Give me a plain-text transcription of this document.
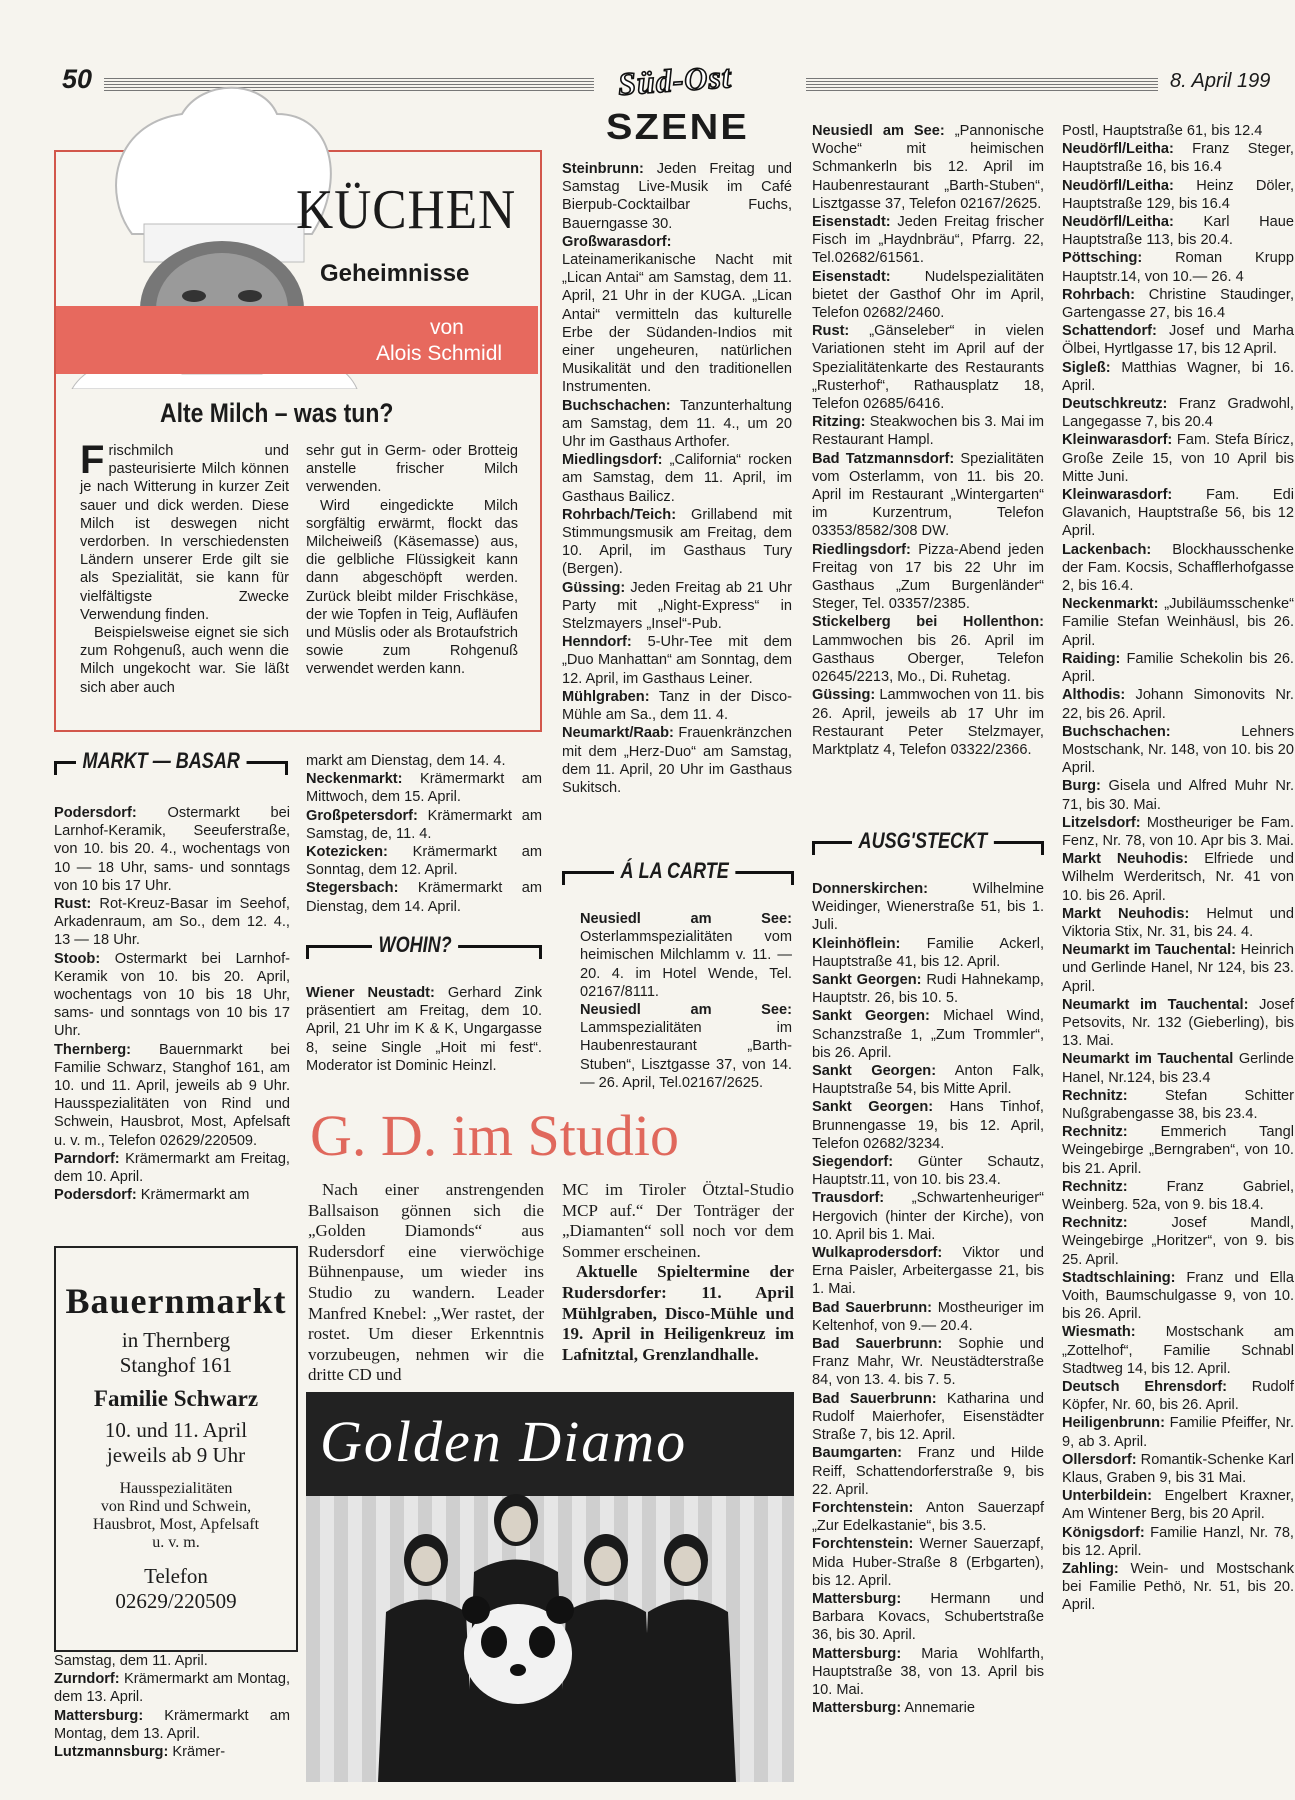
50	8. April 199
Süd-Ost
SZENE
KÜCHEN
Geheimnisse
von
Alois Schmidl
Alte Milch – was tun?

Frischmilch und pasteurisierte Milch können je nach Witterung in kurzer Zeit sauer und dick werden. Diese Milch ist deswegen nicht verdorben. In verschiedensten Ländern unserer Erde gilt sie als Spezialität, sie kann für vielfältigste Zwecke Verwendung finden.

Beispielsweise eignet sie sich zum Rohgenuß, auch wenn die Milch ungekocht war. Sie läßt sich aber auch

sehr gut in Germ- oder Brotteig anstelle frischer Milch verwenden.

Wird eingedickte Milch sorgfältig erwärmt, flockt das Milcheiweiß (Käsemasse) aus, die gelbliche Flüssigkeit kann dann abgeschöpft werden. Zurück bleibt milder Frischkäse, der wie Topfen in Teig, Aufläufen und Müslis oder als Brotaufstrich sowie zum Rohgenuß verwendet werden kann.

MARKT — BASAR

Podersdorf: Ostermarkt bei Larnhof-Keramik, Seeuferstraße, von 10. bis 20. 4., wochentags von 10 — 18 Uhr, sams- und sonntags von 10 bis 17 Uhr.

Rust: Rot-Kreuz-Basar im Seehof, Arkadenraum, am So., dem 12. 4., 13 — 18 Uhr.

Stoob: Ostermarkt bei Larnhof-Keramik von 10. bis 20. April, wochentags von 10 bis 18 Uhr, sams- und sonntags von 10 bis 17 Uhr.

Thernberg: Bauernmarkt bei Familie Schwarz, Stanghof 161, am 10. und 11. April, jeweils ab 9 Uhr. Hausspezialitäten von Rind und Schwein, Hausbrot, Most, Apfelsaft u. v. m., Telefon 02629/220509.

Parndorf: Krämermarkt am Freitag, dem 10. April.

Podersdorf: Krämermarkt am

Bauernmarkt
in Thernberg
Stanghof 161
Familie Schwarz
10. und 11. April
jeweils ab 9 Uhr
Hausspezialitäten
von Rind und Schwein,
Hausbrot, Most, Apfelsaft
u. v. m.
Telefon
02629/220509

Samstag, dem 11. April.

Zurndorf: Krämermarkt am Montag, dem 13. April.

Mattersburg: Krämermarkt am Montag, dem 13. April.

Lutzmannsburg: Krämer-

markt am Dienstag, dem 14. 4.

Neckenmarkt: Krämermarkt am Mittwoch, dem 15. April.

Großpetersdorf: Krämermarkt am Samstag, de, 11. 4.

Kotezicken: Krämermarkt am Sonntag, dem 12. April.

Stegersbach: Krämermarkt am Dienstag, dem 14. April.

WOHIN?

Wiener Neustadt: Gerhard Zink präsentiert am Freitag, dem 10. April, 21 Uhr im K & K, Ungargasse 8, seine Single „Hoit mi fest“. Moderator ist Dominic Heinzl.

Steinbrunn: Jeden Freitag und Samstag Live-Musik im Café Bierpub-Cocktailbar Fuchs, Bauerngasse 30.

Großwarasdorf: Lateinamerikanische Nacht mit „Lican Antai“ am Samstag, dem 11. April, 21 Uhr in der KUGA. „Lican Antai“ vermitteln das kulturelle Erbe der Südanden-Indios mit einer ungeheuren, natürlichen Musikalität und den traditionellen Instrumenten.

Buchschachen: Tanzunterhaltung am Samstag, dem 11. 4., um 20 Uhr im Gasthaus Arthofer.

Miedlingsdorf: „California“ rocken am Samstag, dem 11. April, im Gasthaus Bailicz.

Rohrbach/Teich: Grillabend mit Stimmungsmusik am Freitag, dem 10. April, im Gasthaus Tury (Bergen).

Güssing: Jeden Freitag ab 21 Uhr Party mit „Night-Express“ in Stelzmayers „Insel“-Pub.

Henndorf: 5-Uhr-Tee mit dem „Duo Manhattan“ am Sonntag, dem 12. April, im Gasthaus Leiner.

Mühlgraben: Tanz in der Disco-Mühle am Sa., dem 11. 4.

Neumarkt/Raab: Frauenkränzchen mit dem „Herz-Duo“ am Samstag, dem 11. April, 20 Uhr im Gasthaus Sukitsch.

Á LA CARTE

Neusiedl am See: Osterlammspezialitäten vom heimischen Milchlamm v. 11. — 20. 4. im Hotel Wende, Tel. 02167/8111.

Neusiedl am See: Lammspezialitäten im Haubenrestaurant „Barth-Stuben“, Lisztgasse 37, von 14. — 26. April, Tel.02167/2625.

G. D. im Studio

Nach einer anstrengenden Ballsaison gönnen sich die „Golden Diamonds“ aus Rudersdorf eine vierwöchige Bühnenpause, um wieder ins Studio zu wandern. Leader Manfred Knebel: „Wer rastet, der rostet. Um dieser Erkenntnis vorzubeugen, nehmen wir die dritte CD und

MC im Tiroler Ötztal-Studio MCP auf.“ Der Tonträger der „Diamanten“ soll noch vor dem Sommer erscheinen.

Aktuelle Spieltermine der Rudersdorfer: 11. April Mühlgraben, Disco-Mühle und 19. April in Heiligenkreuz im Lafnitztal, Grenzlandhalle.

Golden Diamo

Neusiedl am See: „Pannonische Woche“ mit heimischen Schmankerln bis 12. April im Haubenrestaurant „Barth-Stuben“, Lisztgasse 37, Telefon 02167/2625.

Eisenstadt: Jeden Freitag frischer Fisch im „Haydnbräu“, Pfarrg. 22, Tel.02682/61561.

Eisenstadt: Nudelspezialitäten bietet der Gasthof Ohr im April, Telefon 02682/2460.

Rust: „Gänseleber“ in vielen Variationen steht im April auf der Spezialitätenkarte des Restaurants „Rusterhof“, Rathausplatz 18, Telefon 02685/6416.

Ritzing: Steakwochen bis 3. Mai im Restaurant Hampl.

Bad Tatzmannsdorf: Spezialitäten vom Osterlamm, von 11. bis 20. April im Restaurant „Wintergarten“ im Kurzentrum, Telefon 03353/8582/308 DW.

Riedlingsdorf: Pizza-Abend jeden Freitag von 17 bis 22 Uhr im Gasthaus „Zum Burgenländer“ Steger, Tel. 03357/2385.

Stickelberg bei Hollenthon: Lammwochen bis 26. April im Gasthaus Oberger, Telefon 02645/2213, Mo., Di. Ruhetag.

Güssing: Lammwochen von 11. bis 26. April, jeweils ab 17 Uhr im Restaurant Peter Stelzmayer, Marktplatz 4, Telefon 03322/2366.

AUSG'STECKT

Donnerskirchen: Wilhelmine Weidinger, Wienerstraße 51, bis 1. Juli.

Kleinhöflein: Familie Ackerl, Hauptstraße 41, bis 12. April.

Sankt Georgen: Rudi Hahnekamp, Hauptstr. 26, bis 10. 5.

Sankt Georgen: Michael Wind, Schanzstraße 1, „Zum Trommler“, bis 26. April.

Sankt Georgen: Anton Falk, Hauptstraße 54, bis Mitte April.

Sankt Georgen: Hans Tinhof, Brunnengasse 19, bis 12. April, Telefon 02682/3234.

Siegendorf: Günter Schautz, Hauptstr.11, von 10. bis 23.4.

Trausdorf: „Schwartenheuriger“ Hergovich (hinter der Kirche), von 10. April bis 1. Mai.

Wulkaprodersdorf: Viktor und Erna Paisler, Arbeitergasse 21, bis 1. Mai.

Bad Sauerbrunn: Mostheuriger im Keltenhof, von 9.— 20.4.

Bad Sauerbrunn: Sophie und Franz Mahr, Wr. Neustädterstraße 84, von 13. 4. bis 7. 5.

Bad Sauerbrunn: Katharina und Rudolf Maierhofer, Eisenstädter Straße 7, bis 12. April.

Baumgarten: Franz und Hilde Reiff, Schattendorferstraße 9, bis 22. April.

Forchtenstein: Anton Sauerzapf „Zur Edelkastanie“, bis 3.5.

Forchtenstein: Werner Sauerzapf, Mida Huber-Straße 8 (Erbgarten), bis 12. April.

Mattersburg: Hermann und Barbara Kovacs, Schubertstraße 36, bis 30. April.

Mattersburg: Maria Wohlfarth, Hauptstraße 38, von 13. April bis 10. Mai.

Mattersburg: Annemarie

Postl, Hauptstraße 61, bis 12.4

Neudörfl/Leitha: Franz Steger, Hauptstraße 16, bis 16.4

Neudörfl/Leitha: Heinz Döler, Hauptstraße 129, bis 16.4

Neudörfl/Leitha: Karl Haue Hauptstraße 113, bis 20.4.

Pöttsching: Roman Krupp Hauptstr.14, von 10.— 26. 4

Rohrbach: Christine Staudinger, Gartengasse 27, bis 16.4

Schattendorf: Josef und Marha Ölbei, Hyrtlgasse 17, bis 12 April.

Sigleß: Matthias Wagner, bi 16. April.

Deutschkreutz: Franz Gradwohl, Langegasse 7, bis 20.4

Kleinwarasdorf: Fam. Stefa Bíricz, Große Zeile 15, von 10 April bis Mitte Juni.

Kleinwarasdorf: Fam. Edi Glavanich, Hauptstraße 56, bis 12 April.

Lackenbach: Blockhausschenke der Fam. Kocsis, Schafflerhofgasse 2, bis 16.4.

Neckenmarkt: „Jubiläumsschenke“ Familie Stefan Weinhäusl, bis 26. April.

Raiding: Familie Schekolin bis 26. April.

Althodis: Johann Simonovits Nr. 22, bis 26. April.

Buchschachen: Lehners Mostschank, Nr. 148, von 10. bis 20 April.

Burg: Gisela und Alfred Muhr Nr. 71, bis 30. Mai.

Litzelsdorf: Mostheuriger be Fam. Fenz, Nr. 78, von 10. Apr bis 3. Mai.

Markt Neuhodis: Elfriede und Wilhelm Werderitsch, Nr. 41 von 10. bis 26. April.

Markt Neuhodis: Helmut und Viktoria Stix, Nr. 31, bis 24. 4.

Neumarkt im Tauchental: Heinrich und Gerlinde Hanel, Nr 124, bis 23. April.

Neumarkt im Tauchental: Josef Petsovits, Nr. 132 (Gieberling), bis 13. Mai.

Neumarkt im Tauchental Gerlinde Hanel, Nr.124, bis 23.4

Rechnitz: Stefan Schitter Nußgrabengasse 38, bis 23.4.

Rechnitz: Emmerich Tangl Weingebirge „Berngraben“, von 10. bis 21. April.

Rechnitz: Franz Gabriel, Weinberg. 52a, von 9. bis 18.4.

Rechnitz: Josef Mandl, Weingebirge „Horitzer“, von 9. bis 25. April.

Stadtschlaining: Franz und Ella Voith, Baumschulgasse 9, von 10. bis 26. April.

Wiesmath: Mostschank am „Zottelhof“, Familie Schnabl Stadtweg 14, bis 12. April.

Deutsch Ehrensdorf: Rudolf Köpfer, Nr. 60, bis 26. April.

Heiligenbrunn: Familie Pfeiffer, Nr. 9, ab 3. April.

Ollersdorf: Romantik-Schenke Karl Klaus, Graben 9, bis 31 Mai.

Unterbildein: Engelbert Kraxner, Am Wintener Berg, bis 20 April.

Königsdorf: Familie Hanzl, Nr. 78, bis 12. April.

Zahling: Wein- und Mostschank bei Familie Pethö, Nr. 51, bis 20. April.
